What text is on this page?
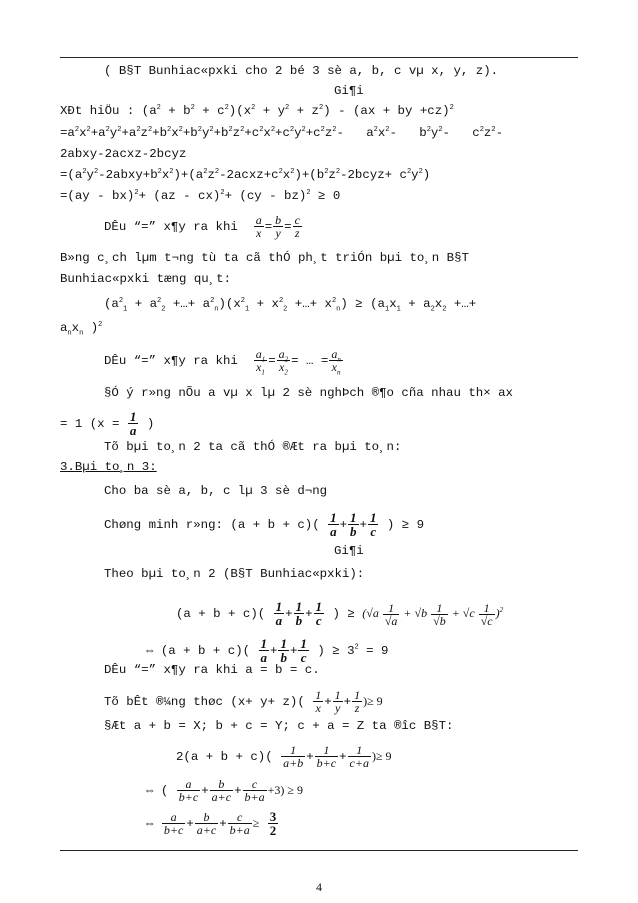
( B§T Bunhiac«pxki cho 2 bé 3 sè a, b, c vµ x, y, z).
Gi¶i
XÐt hiÖu : $(a^2 + b^2 + c^2)(x^2 + y^2 + z^2) - (ax$ + by +cz)$^2$
$=a^2x^2+a^2y^2+a^2z^2+b^2x^2+b^2y^2+b^2z^2+c^2x^2+c^2y^2+c^2z^2-$   $a^2x^2-$   $b^2y^2-$   $c^2z^2-$
2abxy-2acxz-2bcyz
$=(a^2y^2-2abxy+b^2x^2)+(a^2z^2-2acxz+c^2x^2)+(b^2z^2-2bcyz+ c^2y^2)$
=(ay - bx)$^2$+ (az - cx)$^2$+ (cy - bz)$^2$ ≥ 0
DÊu “=” x¶y ra khi $\frac{a}{x} = \frac{b}{y} = \frac{c}{z}$
B»ng c¸ch lµm t¬ng tù ta cã thÓ ph¸t triÓn bµi to¸n B§T
Bunhiac«pxki tæng qu¸t:
($a^2_1 + a^2_2$ +…+ $a^2_n)(x^2_1 + x^2_2$ +…+ $x^2_n) \ge (a_1x_1 + a_2x_2$ +…+
$a_nx_n$ )$^2$
DÊu “=” x¶y ra khi $\frac{a_1}{x_1} = \frac{a_2}{x_2}$ = … = $\frac{a_n}{x_n}$
§Ó ý r»ng nÕu a vµ x lµ 2 sè nghÞch ®¶o cña nhau th× ax
= 1 ($x = \frac{1}{a}$ )
Tõ bµi to¸n 2 ta cã thÓ ®Æt ra bµi to¸n:
3.Bµi to¸n 3:
Cho ba sè a, b, c lµ 3 sè d¬ng
Chøng minh r»ng: $(a + b + c)( \frac{1}{a} + \frac{1}{b} + \frac{1}{c}$ ) ≥ 9
Gi¶i
Theo bµi to¸n 2 (B§T Bunhiac«pxki):
$(a + b + c)( \frac{1}{a} + \frac{1}{b} + \frac{1}{c}$ ) ≥ $(√a \frac{1}{√a} + √b \frac{1}{√b} + √c \frac{1}{√c} )^2$
⇔ $(a + b + c)( \frac{1}{a} + \frac{1}{b} + \frac{1}{c}$ ) ≥ $3^2 = 9$
DÊu “=” x¶y ra khi a = b = c.
Tõ bÊt ®¼ng thøc $(x+ y+ z)( \frac{1}{x} + \frac{1}{y} + \frac{1}{z}$ )≥ 9
§Æt a + b = X; b + c = Y; c + a = Z ta ®îc B§T:
$2(a + b + c)( \frac{1}{a+b} + \frac{1}{b+c} + \frac{1}{c+a}$ )≥ 9
⇔ ( $\frac{a}{b+c} + \frac{b}{a+c} + \frac{c}{b+a} +3) \ge 9$
⇔ $\frac{a}{b+c} + \frac{b}{a+c} + \frac{c}{b+a} \ge \frac{3}{2}$
4
